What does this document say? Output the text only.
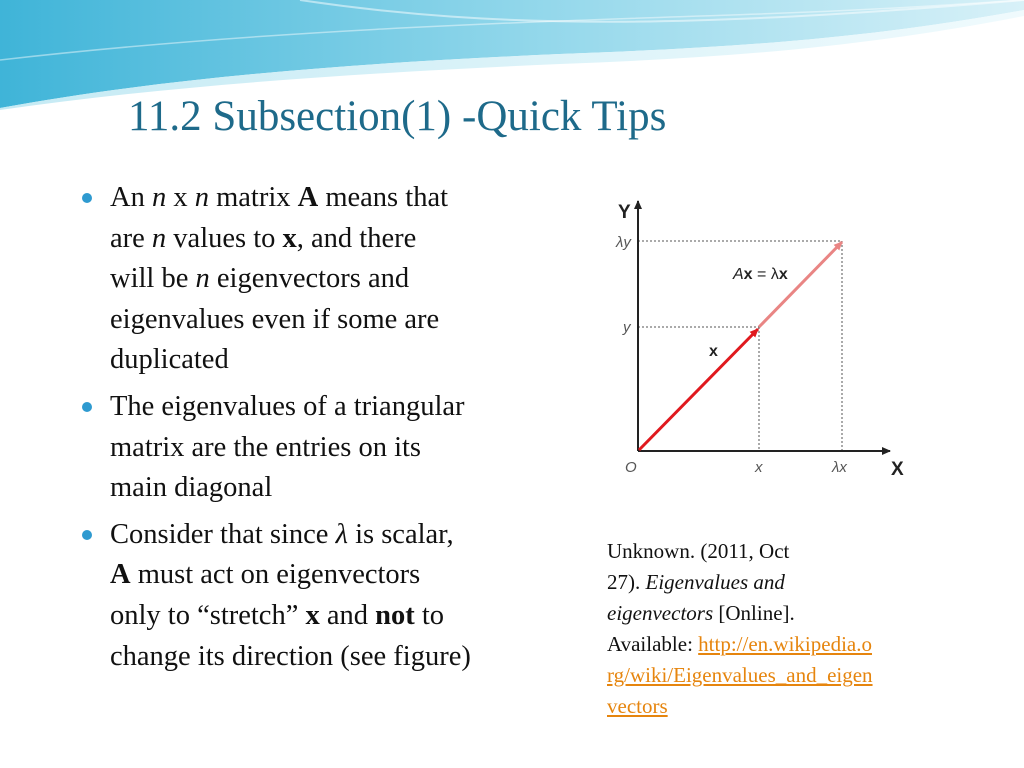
11.2 Subsection(1) -Quick Tips
An n x n matrix A means that
are n values to x, and there
will be n eigenvectors and
eigenvalues even if some are
duplicated
The eigenvalues of a triangular
matrix are the entries on its
main diagonal
Consider that since λ is scalar,
A must act on eigenvectors
only to “stretch” x and not to
change its direction (see figure)
Y
X
O
λy
y
x	λx
x
Ax = λx
Unknown. (2011, Oct
27). Eigenvalues and
eigenvectors [Online].
Available: http://en.wikipedia.o
rg/wiki/Eigenvalues_and_eigen
vectors
